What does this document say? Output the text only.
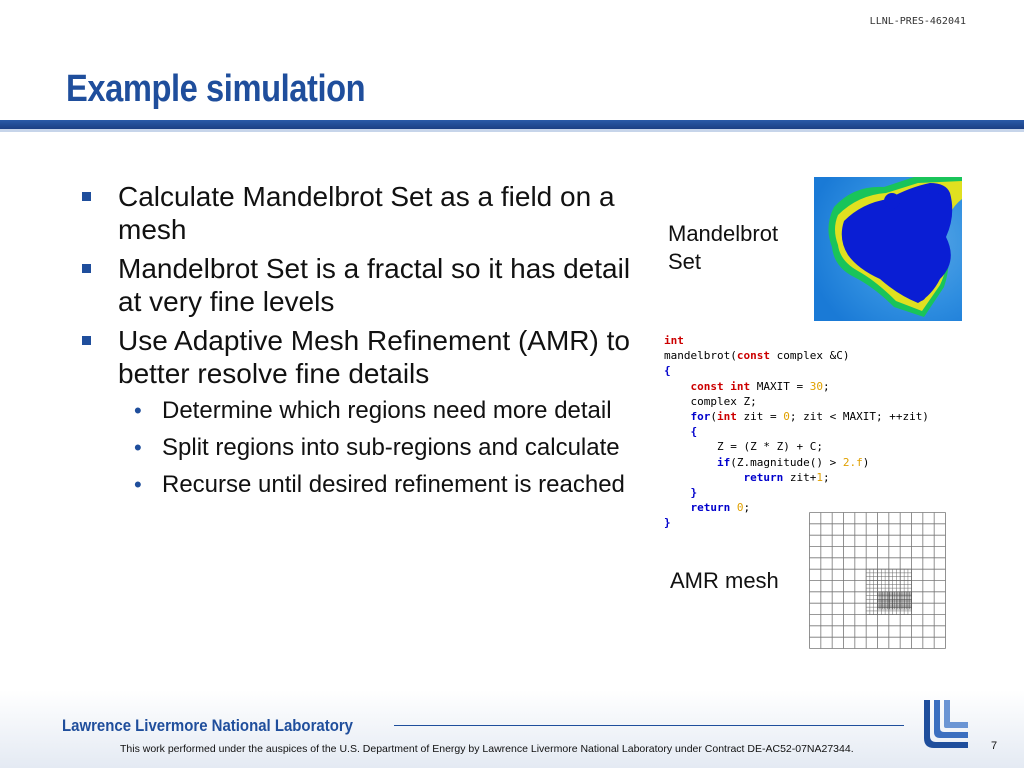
LLNL-PRES-462041
Example simulation
Calculate Mandelbrot Set as a field on a mesh
Mandelbrot Set is a fractal so it has detail at very fine levels
Use Adaptive Mesh Refinement (AMR) to better resolve fine details
• Determine which regions need more detail
• Split regions into sub-regions and calculate
• Recurse until desired refinement is reached
Mandelbrot Set
int
mandelbrot(const complex &C)
{
const int MAXIT = 30;
complex Z;
for(int zit = 0; zit < MAXIT; ++zit)
{
Z = (Z * Z) + C;
if(Z.magnitude() > 2.f)
return zit+1;
}
return 0;
}
AMR mesh
Lawrence Livermore National Laboratory
This work performed under the auspices of the U.S. Department of Energy by Lawrence Livermore National Laboratory under Contract DE-AC52-07NA27344.	7
